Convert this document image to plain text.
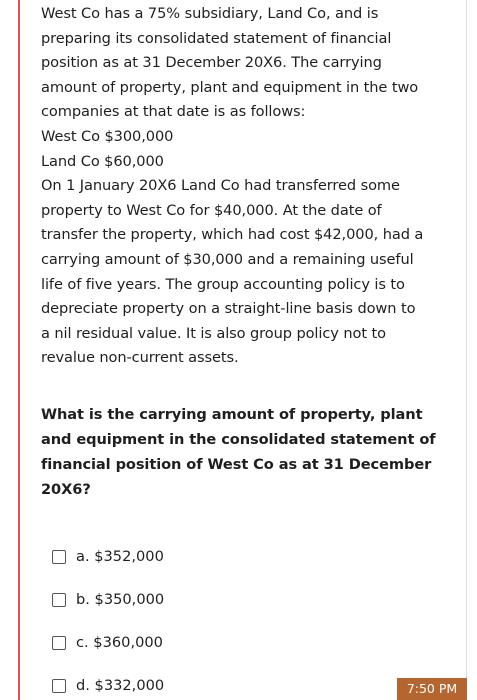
West Co has a 75% subsidiary, Land Co, and is

preparing its consolidated statement of financial

position as at 31 December 20X6. The carrying

amount of property, plant and equipment in the two

companies at that date is as follows:

West Co $300,000

Land Co $60,000

On 1 January 20X6 Land Co had transferred some

property to West Co for $40,000. At the date of

transfer the property, which had cost $42,000, had a

carrying amount of $30,000 and a remaining useful

life of five years. The group accounting policy is to

depreciate property on a straight-line basis down to

a nil residual value. It is also group policy not to

revalue non-current assets.

What is the carrying amount of property, plant

and equipment in the consolidated statement of

financial position of West Co as at 31 December

20X6?

a. $352,000
b. $350,000
c. $360,000
d. $332,000	7:50 PM
